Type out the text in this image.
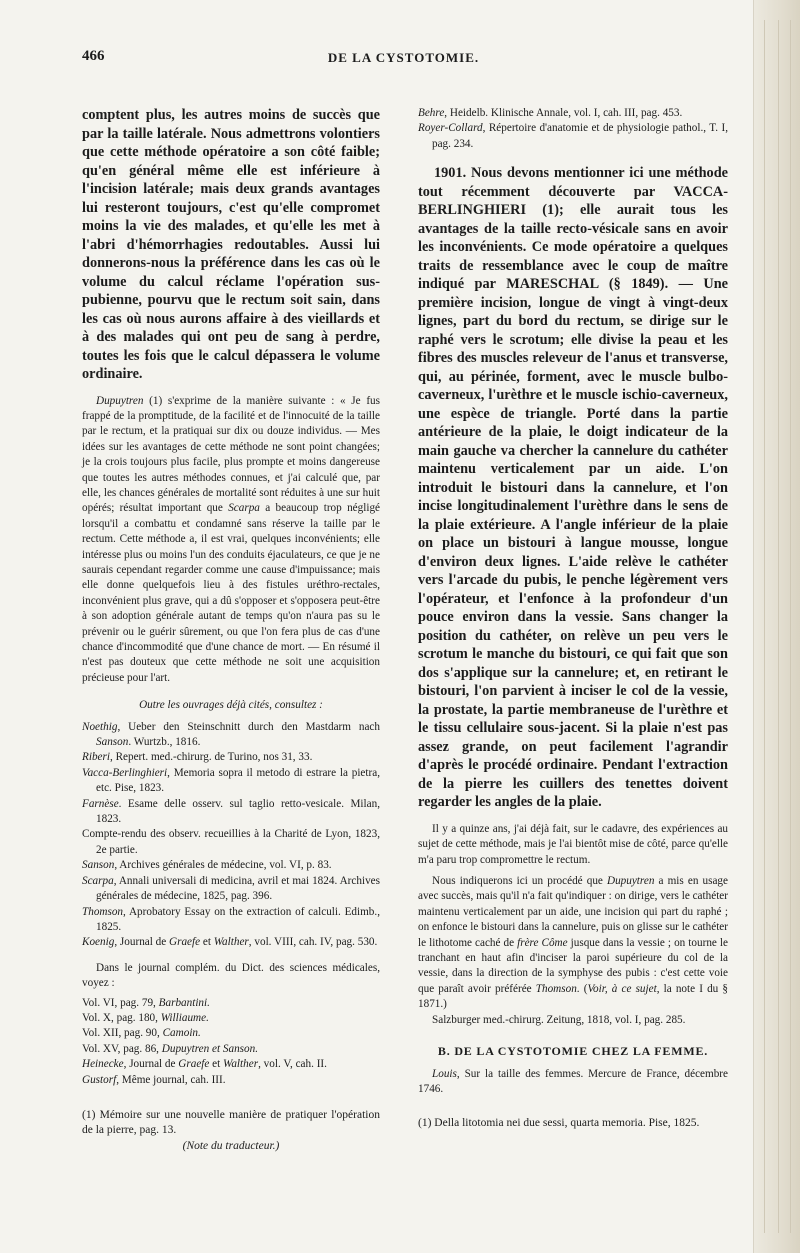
466	DE LA CYSTOTOMIE.

comptent plus, les autres moins de succès que par la taille latérale. Nous admettrons volontiers que cette méthode opératoire a son côté faible; qu'en général même elle est inférieure à l'incision latérale; mais deux grands avantages lui resteront toujours, c'est qu'elle compromet moins la vie des malades, et qu'elle les met à l'abri d'hémorrhagies redoutables. Aussi lui donnerons-nous la préférence dans les cas où le volume du calcul réclame l'opération sus-pubienne, pourvu que le rectum soit sain, dans les cas où nous aurons affaire à des vieillards et à des malades qui ont peu de sang à perdre, toutes les fois que le calcul dépassera le volume ordinaire.

Dupuytren (1) s'exprime de la manière suivante : « Je fus frappé de la promptitude, de la facilité et de l'innocuité de la taille par le rectum, et la pratiquai sur dix ou douze individus. — Mes idées sur les avantages de cette méthode ne sont point changées; je la crois toujours plus facile, plus prompte et moins dangereuse que toutes les autres méthodes connues, et j'ai calculé que, par elle, les chances générales de mortalité sont réduites à une sur huit opérés; résultat important que Scarpa a beaucoup trop négligé lorsqu'il a combattu et condamné sans réserve la taille par le rectum. Cette méthode a, il est vrai, quelques inconvénients; elle intéresse plus ou moins l'un des conduits éjaculateurs, ce que je ne saurais cependant regarder comme une cause d'impuissance; mais elle donne quelquefois lieu à des fistules uréthro-rectales, inconvénient plus grave, qui a dû s'opposer et s'opposera peut-être à son adoption générale autant de temps qu'on n'aura pas su le prévenir ou le guérir sûrement, ou que l'on fera plus de cas d'une chance d'incommodité que d'une chance de mort. — En résumé il n'est pas douteux que cette méthode ne soit une acquisition précieuse pour l'art.

Outre les ouvrages déjà cités, consultez :

Noethig, Ueber den Steinschnitt durch den Mastdarm nach Sanson. Wurtzb., 1816.

Riberi, Repert. med.-chirurg. de Turino, nos 31, 33.

Vacca-Berlinghieri, Memoria sopra il metodo di estrare la pietra, etc. Pise, 1823.

Farnèse. Esame delle osserv. sul taglio retto-vesicale. Milan, 1823.

Compte-rendu des observ. recueillies à la Charité de Lyon, 1823, 2e partie.

Sanson, Archives générales de médecine, vol. VI, p. 83.

Scarpa, Annali universali di medicina, avril et mai 1824. Archives générales de médecine, 1825, pag. 396.

Thomson, Aprobatory Essay on the extraction of calculi. Edimb., 1825.

Koenig, Journal de Graefe et Walther, vol. VIII, cah. IV, pag. 530.

Dans le journal complém. du Dict. des sciences médicales, voyez :

Vol. VI, pag. 79, Barbantini.

Vol. X, pag. 180, Williaume.

Vol. XII, pag. 90, Camoin.

Vol. XV, pag. 86, Dupuytren et Sanson.

Heinecke, Journal de Graefe et Walther, vol. V, cah. II.

Gustorf, Même journal, cah. III.

(1) Mémoire sur une nouvelle manière de pratiquer l'opération de la pierre, pag. 13.

(Note du traducteur.)

Behre, Heidelb. Klinische Annale, vol. I, cah. III, pag. 453.

Royer-Collard, Répertoire d'anatomie et de physiologie pathol., T. I, pag. 234.

1901. Nous devons mentionner ici une méthode tout récemment découverte par VACCA-BERLINGHIERI (1); elle aurait tous les avantages de la taille recto-vésicale sans en avoir les inconvénients. Ce mode opératoire a quelques traits de ressemblance avec le coup de maître indiqué par MARESCHAL (§ 1849). — Une première incision, longue de vingt à vingt-deux lignes, part du bord du rectum, se dirige sur le raphé vers le scrotum; elle divise la peau et les fibres des muscles releveur de l'anus et transverse, qui, au périnée, forment, avec le muscle bulbo-caverneux, l'urèthre et le muscle ischio-caverneux, une espèce de triangle. Porté dans la partie antérieure de la plaie, le doigt indicateur de la main gauche va chercher la cannelure du cathéter maintenu verticalement par un aide. L'on introduit le bistouri dans la cannelure, et l'on incise longitudinalement l'urèthre dans le sens de la plaie extérieure. A l'angle inférieur de la plaie on place un bistouri à langue mousse, longue d'environ deux lignes. L'aide relève le cathéter vers l'arcade du pubis, le penche légèrement vers l'opérateur, et l'enfonce à la profondeur d'un pouce environ dans la vessie. Sans changer la position du cathéter, on relève un peu vers le scrotum le manche du bistouri, ce qui fait que son dos s'applique sur la cannelure; et, en retirant le bistouri, l'on parvient à inciser le col de la vessie, la prostate, la partie membraneuse de l'urèthre et le tissu cellulaire sous-jacent. Si la plaie n'est pas assez grande, on peut facilement l'agrandir d'après le procédé ordinaire. Pendant l'extraction de la pierre les cuillers des tenettes doivent regarder les angles de la plaie.

Il y a quinze ans, j'ai déjà fait, sur le cadavre, des expériences au sujet de cette méthode, mais je l'ai bientôt mise de côté, parce qu'elle m'a paru trop compromettre le rectum.

Nous indiquerons ici un procédé que Dupuytren a mis en usage avec succès, mais qu'il n'a fait qu'indiquer : on dirige, vers le cathéter maintenu verticalement par un aide, une incision qui part du raphé ; on enfonce le bistouri dans la cannelure, puis on glisse sur le cathéter le lithotome caché de frère Côme jusque dans la vessie ; on tourne le tranchant en haut afin d'inciser la paroi supérieure du col de la vessie, dans la direction de la symphyse des pubis : c'est cette voie que paraît avoir préférée Thomson. (Voir, à ce sujet, la note I du § 1871.)

Salzburger med.-chirurg. Zeitung, 1818, vol. I, pag. 285.

B. DE LA CYSTOTOMIE CHEZ LA FEMME.

Louis, Sur la taille des femmes. Mercure de France, décembre 1746.

(1) Della litotomia nei due sessi, quarta memoria. Pise, 1825.
